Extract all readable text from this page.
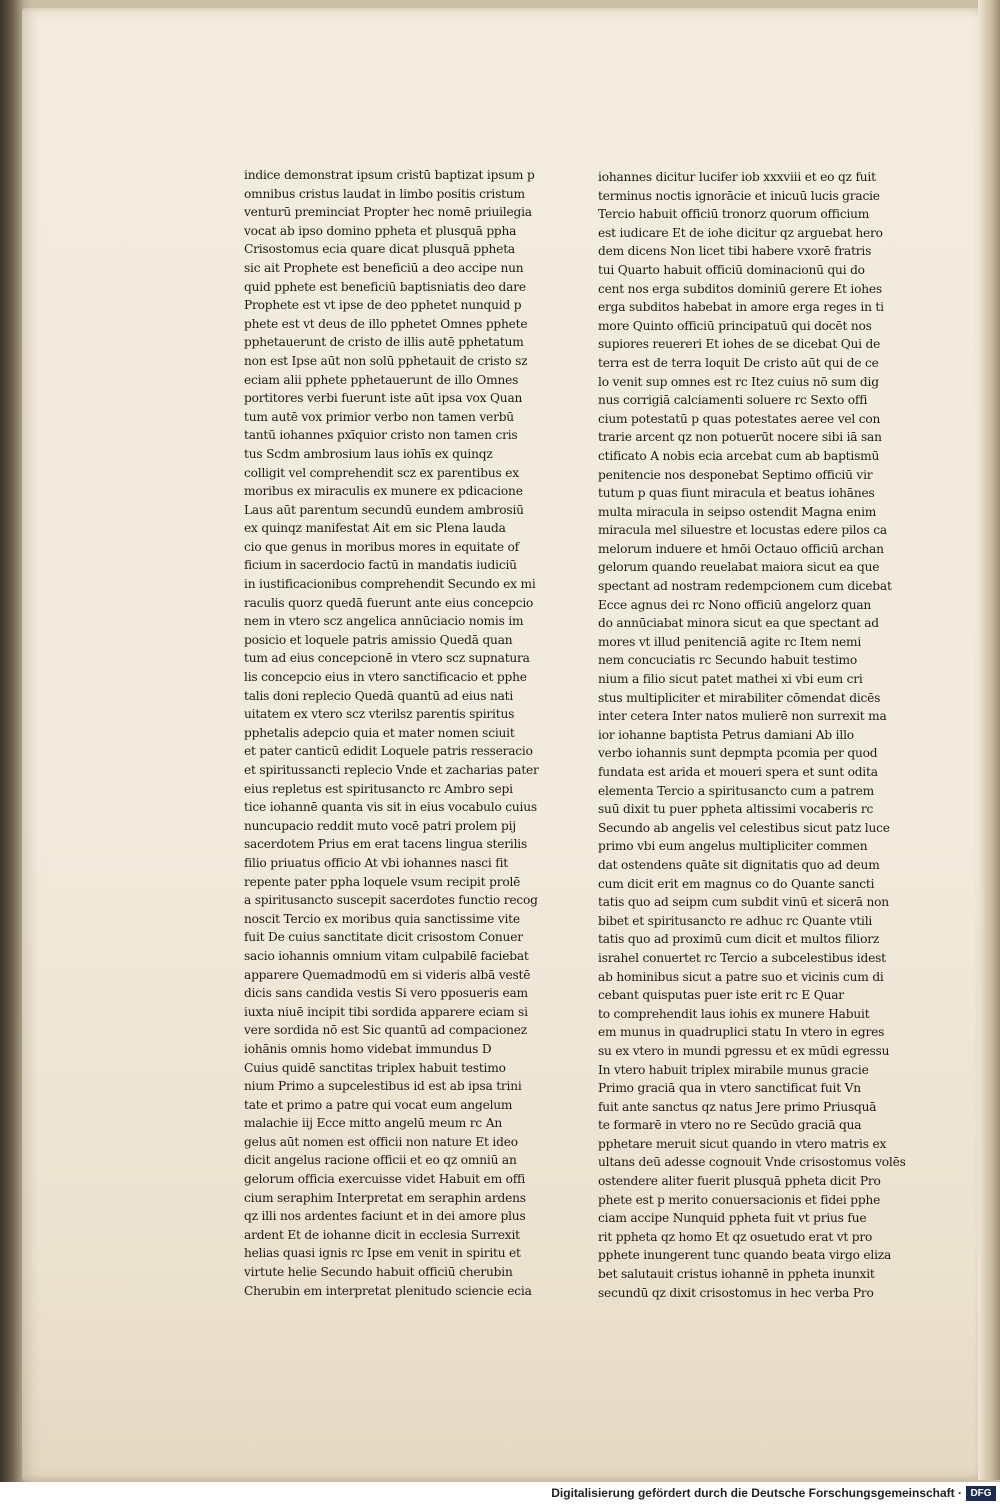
indice demonstrat ipsum cristū baptizat ipsum p
omnibus cristus laudat in limbo positis cristum
venturū preminciat Propter hec nomē priuilegia
vocat ab ipso domino ppheta et plusquā ppha
Crisostomus ecia quare dicat plusquā ppheta
sic ait Prophete est beneficiū a deo accipe nun
quid pphete est beneficiū baptisniatis deo dare
Prophete est vt ipse de deo pphetet nunquid p
phete est vt deus de illo pphetet Omnes pphete
pphetauerunt de cristo de illis autē pphetatum
non est Ipse aūt non solū pphetauit de cristo sz
eciam alii pphete pphetauerunt de illo Omnes
portitores verbi fuerunt iste aūt ipsa vox Quan
tum autē vox primior verbo non tamen verbū
tantū iohannes pxīquior cristo non tamen cris
tus Scdm ambrosium laus iohīs ex quinqz
colligit vel comprehendit scz ex parentibus ex
moribus ex miraculis ex munere ex pdicacione
Laus aūt parentum secundū eundem ambrosiū
ex quinqz manifestat Ait em sic Plena lauda
cio que genus in moribus mores in equitate of
ficium in sacerdocio factū in mandatis iudiciū
in iustificacionibus comprehendit Secundo ex mi
raculis quorz quedā fuerunt ante eius concepcio
nem in vtero scz angelica annūciacio nomis im
posicio et loquele patris amissio Quedā quan
tum ad eius concepcionē in vtero scz supnatura
lis concepcio eius in vtero sanctificacio et pphe
talis doni replecio Quedā quantū ad eius nati
uitatem ex vtero scz vterilsz parentis spiritus
pphetalis adepcio quia et mater nomen sciuit
et pater canticū edidit Loquele patris resseracio
et spiritussancti replecio Vnde et zacharias pater
eius repletus est spiritusancto rc Ambro sepi
tice iohannē quanta vis sit in eius vocabulo cuius
nuncupacio reddit muto vocē patri prolem pij
sacerdotem Prius em erat tacens lingua sterilis
filio priuatus officio At vbi iohannes nasci fit
repente pater ppha loquele vsum recipit prolē
a spiritusancto suscepit sacerdotes functio recog
noscit Tercio ex moribus quia sanctissime vite
fuit De cuius sanctitate dicit crisostom Conuer
sacio iohannis omnium vitam culpabilē faciebat
apparere Quemadmodū em si videris albā vestē
dicis sans candida vestis Si vero pposueris eam
iuxta niuē incipit tibi sordida apparere eciam si
vere sordida nō est Sic quantū ad compacionez
iohānis omnis homo videbat immundus D
Cuius quidē sanctitas triplex habuit testimo
nium Primo a supcelestibus id est ab ipsa trini
tate et primo a patre qui vocat eum angelum
malachie iij Ecce mitto angelū meum rc An
gelus aūt nomen est officii non nature Et ideo
dicit angelus racione officii et eo qz omniū an
gelorum officia exercuisse videt Habuit em offi
cium seraphim Interpretat em seraphin ardens
qz illi nos ardentes faciunt et in dei amore plus
ardent Et de iohanne dicit in ecclesia Surrexit
helias quasi ignis rc Ipse em venit in spiritu et
virtute helie Secundo habuit officiū cherubin
Cherubin em interpretat plenitudo sciencie ecia
iohannes dicitur lucifer iob xxxviii et eo qz fuit
terminus noctis ignorācie et inicuū lucis gracie
Tercio habuit officiū tronorz quorum officium
est iudicare Et de iohe dicitur qz arguebat hero
dem dicens Non licet tibi habere vxorē fratris
tui Quarto habuit officiū dominacionū qui do
cent nos erga subditos dominiū gerere Et iohes
erga subditos habebat in amore erga reges in ti
more Quinto officiū principatuū qui docēt nos
supiores reuereri Et iohes de se dicebat Qui de
terra est de terra loquit De cristo aūt qui de ce
lo venit sup omnes est rc Itez cuius nō sum dig
nus corrigiā calciamenti soluere rc Sexto offi
cium potestatū p quas potestates aeree vel con
trarie arcent qz non potuerūt nocere sibi iā san
ctificato A nobis ecia arcebat cum ab baptismū
penitencie nos desponebat Septimo officiū vir
tutum p quas fiunt miracula et beatus iohānes
multa miracula in seipso ostendit Magna enim
miracula mel siluestre et locustas edere pilos ca
melorum induere et hmōi Octauo officiū archan
gelorum quando reuelabat maiora sicut ea que
spectant ad nostram redempcionem cum dicebat
Ecce agnus dei rc Nono officiū angelorz quan
do annūciabat minora sicut ea que spectant ad
mores vt illud penitenciā agite rc Item nemi
nem concuciatis rc Secundo habuit testimo
nium a filio sicut patet mathei xi vbi eum cri
stus multipliciter et mirabiliter cōmendat dicēs
inter cetera Inter natos mulierē non surrexit ma
ior iohanne baptista Petrus damiani Ab illo
verbo iohannis sunt depmpta pcomia per quod
fundata est arida et moueri spera et sunt odita
elementa Tercio a spiritusancto cum a patrem
suū dixit tu puer ppheta altissimi vocaberis rc
Secundo ab angelis vel celestibus sicut patz luce
primo vbi eum angelus multipliciter commen
dat ostendens quāte sit dignitatis quo ad deum
cum dicit erit em magnus co do Quante sancti
tatis quo ad seipm cum subdit vinū et sicerā non
bibet et spiritusancto re adhuc rc Quante vtili
tatis quo ad proximū cum dicit et multos filiorz
israhel conuertet rc Tercio a subcelestibus idest
ab hominibus sicut a patre suo et vicinis cum di
cebant quisputas puer iste erit rc E Quar
to comprehendit laus iohis ex munere Habuit
em munus in quadruplici statu In vtero in egres
su ex vtero in mundi pgressu et ex mūdi egressu
In vtero habuit triplex mirabile munus gracie
Primo graciā qua in vtero sanctificat fuit Vn
fuit ante sanctus qz natus Jere primo Priusquā
te formarē in vtero no re Secūdo graciā qua
pphetare meruit sicut quando in vtero matris ex
ultans deū adesse cognouit Vnde crisostomus volēs
ostendere aliter fuerit plusquā ppheta dicit Pro
phete est p merito conuersacionis et fidei pphe
ciam accipe Nunquid ppheta fuit vt prius fue
rit ppheta qz homo Et qz osuetudo erat vt pro
pphete inungerent tunc quando beata virgo eliza
bet salutauit cristus iohannē in ppheta inunxit
secundū qz dixit crisostomus in hec verba Pro
Digitalisierung gefördert durch die Deutsche Forschungsgemeinschaft · DFG
